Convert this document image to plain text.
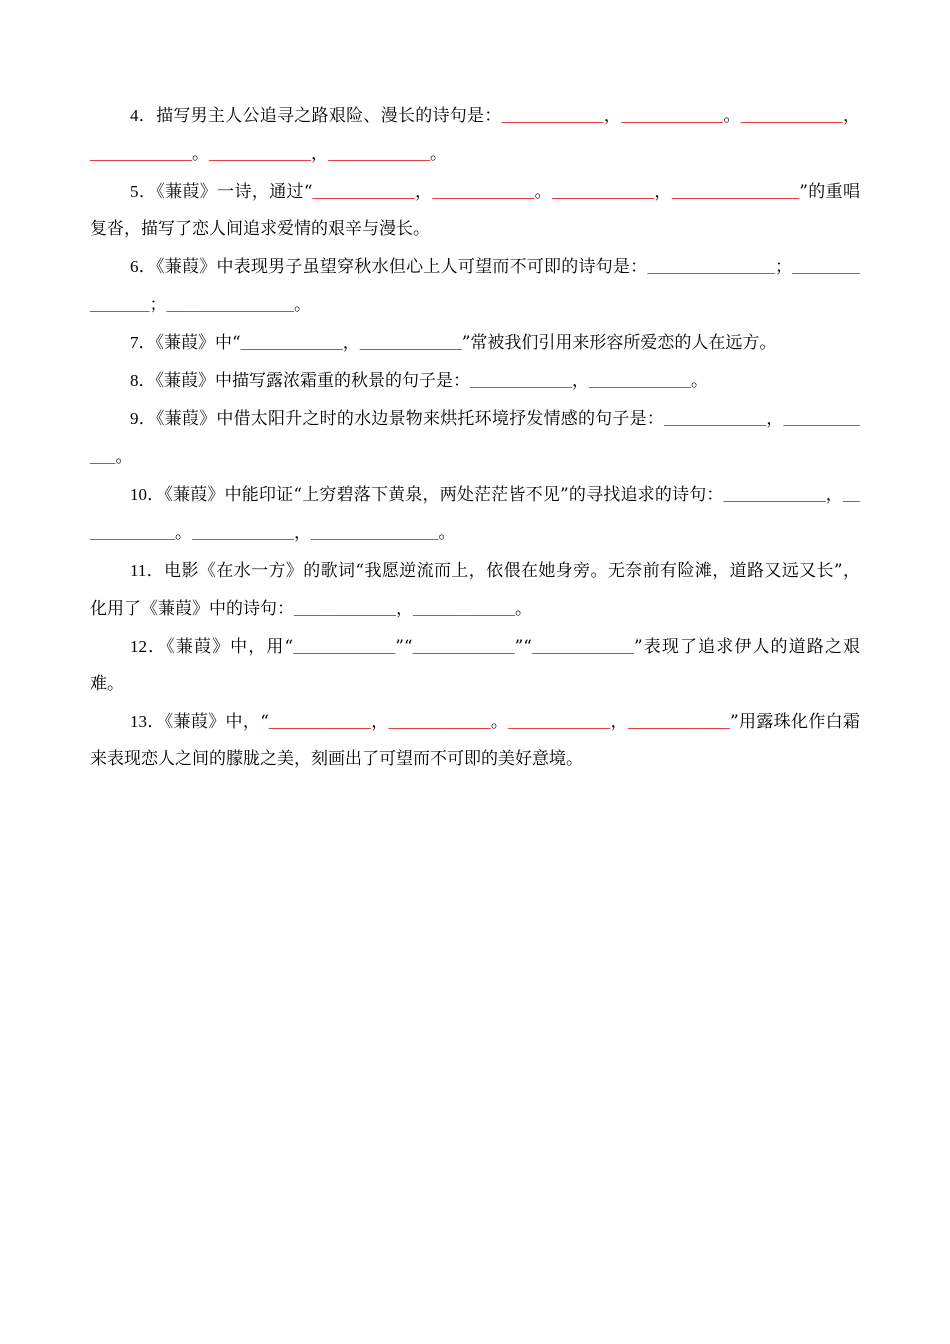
4．描写男主人公追寻之路艰险、漫长的诗句是：____________，____________。____________，____________。____________，____________。

5．《蒹葭》一诗，通过“____________，____________。____________，_______________”的重唱复沓，描写了恋人间追求爱情的艰辛与漫长。

6．《蒹葭》中表现男子虽望穿秋水但心上人可望而不可即的诗句是：_______________；_______________；_______________。

7．《蒹葭》中“____________，____________”常被我们引用来形容所爱恋的人在远方。

8．《蒹葭》中描写露浓霜重的秋景的句子是：____________，____________。

9．《蒹葭》中借太阳升之时的水边景物来烘托环境抒发情感的句子是：____________，____________。

10．《蒹葭》中能印证“上穷碧落下黄泉，两处茫茫皆不见”的寻找追求的诗句：____________，____________。____________，_______________。

11．电影《在水一方》的歌词“我愿逆流而上，依偎在她身旁。无奈前有险滩，道路又远又长”，化用了《蒹葭》中的诗句：____________，____________。

12．《蒹葭》中，用“____________”“____________”“____________”表现了追求伊人的道路之艰难。

13．《蒹葭》中，“____________，____________。____________，____________”用露珠化作白霜来表现恋人之间的朦胧之美，刻画出了可望而不可即的美好意境。
